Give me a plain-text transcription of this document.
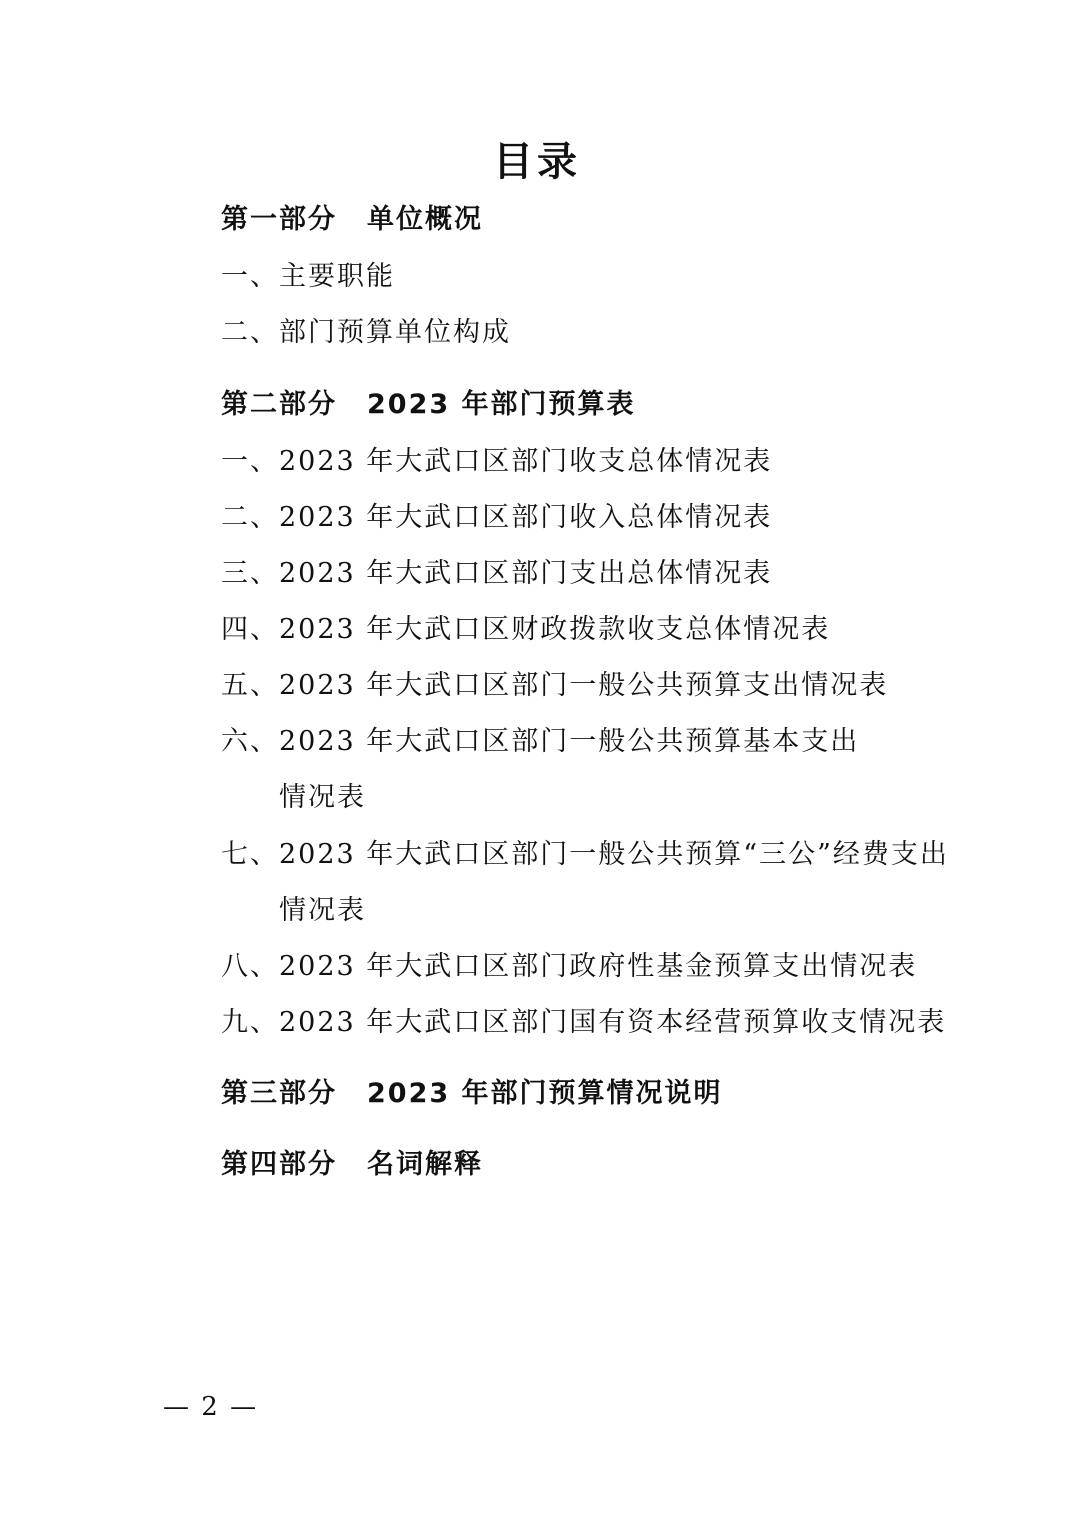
目录
第一部分 单位概况
一、主要职能
二、部门预算单位构成
第二部分 2023 年部门预算表
一、2023 年大武口区部门收支总体情况表
二、2023 年大武口区部门收入总体情况表
三、2023 年大武口区部门支出总体情况表
四、2023 年大武口区财政拨款收支总体情况表
五、2023 年大武口区部门一般公共预算支出情况表
六、2023 年大武口区部门一般公共预算基本支出
情况表
七、2023 年大武口区部门一般公共预算“三公”经费支出
情况表
八、2023 年大武口区部门政府性基金预算支出情况表
九、2023 年大武口区部门国有资本经营预算收支情况表
第三部分 2023 年部门预算情况说明
第四部分 名词解释
— 2 —
